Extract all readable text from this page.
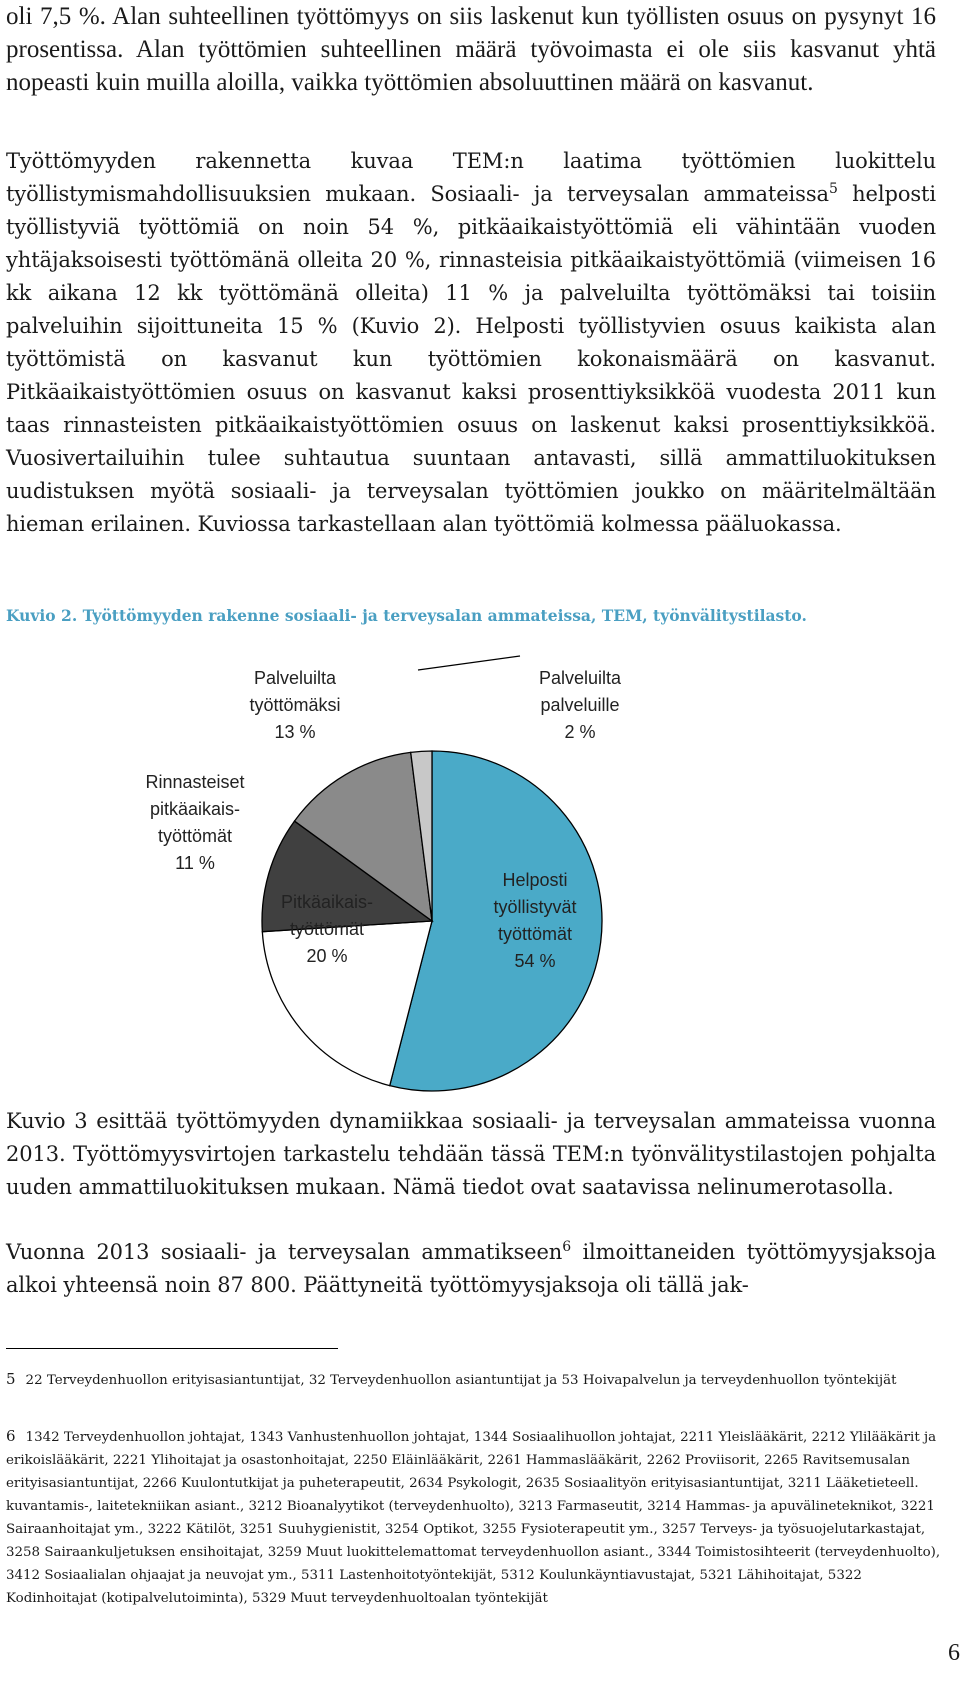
oli 7,5 %. Alan suhteellinen työttömyys on siis laskenut kun työllisten osuus on pysynyt 16 prosentissa. Alan työttömien suhteellinen määrä työvoimasta ei ole siis kasvanut yhtä nopeasti kuin muilla aloilla, vaikka työttömien absoluuttinen määrä on kasvanut.

Työttömyyden rakennetta kuvaa TEM:n laatima työttömien luokittelu työllistymismahdollisuuksien mukaan. Sosiaali- ja terveysalan ammateissa$^5$ helposti työllistyviä työttömiä on noin 54 %, pitkäaikaistyöttömiä eli vähintään vuoden yhtäjaksoisesti työttömänä olleita 20 %, rinnasteisia pitkäaikaistyöttömiä (viimeisen 16 kk aikana 12 kk työttömänä olleita) 11 % ja palveluilta työttömäksi tai toisiin palveluihin sijoittuneita 15 % (Kuvio 2). Helposti työllistyvien osuus kaikista alan työttömistä on kasvanut kun työttömien kokonaismäärä on kasvanut. Pitkäaikaistyöttömien osuus on kasvanut kaksi prosenttiyksikköä vuodesta 2011 kun taas rinnasteisten pitkäaikaistyöttömien osuus on laskenut kaksi prosenttiyksikköä. Vuosivertailuihin tulee suhtautua suuntaan antavasti, sillä ammattiluokituksen uudistuksen myötä sosiaali- ja terveysalan työttömien joukko on määritelmältään hieman erilainen. Kuviossa tarkastellaan alan työttömiä kolmessa pääluokassa.

Kuvio 2. Työttömyyden rakenne sosiaali- ja terveysalan ammateissa, TEM, työnvälitystilasto.
Helposti työllistyvät työttömät 54 %
Pitkäaikais-työttömät 20 %
Rinnasteiset pitkäaikais-työttömät 11 %
Palveluilta työttömäksi 13 %
Palveluilta palveluille 2 %

Kuvio 3 esittää työttömyyden dynamiikkaa sosiaali- ja terveysalan ammateissa vuonna 2013. Työttömyysvirtojen tarkastelu tehdään tässä TEM:n työnvälitystilastojen pohjalta uuden ammattiluokituksen mukaan. Nämä tiedot ovat saatavissa nelinumerotasolla.

Vuonna 2013 sosiaali- ja terveysalan ammatikseen$^6$ ilmoittaneiden työttömyysjaksoja alkoi yhteensä noin 87 800. Päättyneitä työttömyysjaksoja oli tällä jak-

5 22 Terveydenhuollon erityisasiantuntijat, 32 Terveydenhuollon asiantuntijat ja 53 Hoivapalvelun ja terveydenhuollon työntekijät

6 1342 Terveydenhuollon johtajat, 1343 Vanhustenhuollon johtajat, 1344 Sosiaalihuollon johtajat, 2211 Yleislääkärit, 2212 Ylilääkärit ja erikoislääkärit, 2221 Ylihoitajat ja osastonhoitajat, 2250 Eläinlääkärit, 2261 Hammaslääkärit, 2262 Proviisorit, 2265 Ravitsemusalan erityisasiantuntijat, 2266 Kuulontutkijat ja puheterapeutit, 2634 Psykologit, 2635 Sosiaalityön erityisasiantuntijat, 3211 Lääketieteell. kuvantamis-, laitetekniikan asiant., 3212 Bioanalyytikot (terveydenhuolto), 3213 Farmaseutit, 3214 Hammas- ja apuvälineteknikot, 3221 Sairaanhoitajat ym., 3222 Kätilöt, 3251 Suuhygienistit, 3254 Optikot, 3255 Fysioterapeutit ym., 3257 Terveys- ja työsuojelutarkastajat, 3258 Sairaankuljetuksen ensihoitajat, 3259 Muut luokittelemattomat terveydenhuollon asiant., 3344 Toimistosihteerit (terveydenhuolto), 3412 Sosiaalialan ohjaajat ja neuvojat ym., 5311 Lastenhoitotyöntekijät, 5312 Koulunkäyntiavustajat, 5321 Lähihoitajat, 5322 Kodinhoitajat (kotipalvelutoiminta), 5329 Muut terveydenhuoltoalan työntekijät

6
